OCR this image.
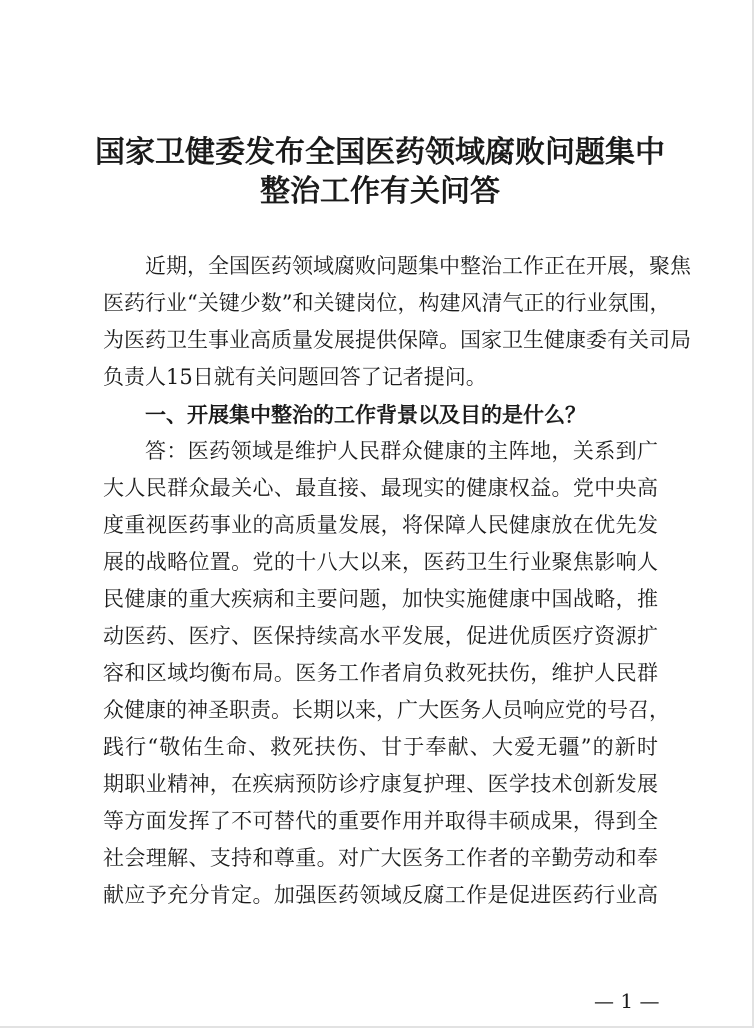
国家卫健委发布全国医药领域腐败问题集中
整治工作有关问答

近期，全国医药领域腐败问题集中整治工作正在开展，聚焦

医药行业“关键少数”和关键岗位，构建风清气正的行业氛围，

为医药卫生事业高质量发展提供保障。国家卫生健康委有关司局

负责人15日就有关问题回答了记者提问。

一、开展集中整治的工作背景以及目的是什么？

答：医药领域是维护人民群众健康的主阵地，关系到广

大人民群众最关心、最直接、最现实的健康权益。党中央高

度重视医药事业的高质量发展，将保障人民健康放在优先发

展的战略位置。党的十八大以来，医药卫生行业聚焦影响人

民健康的重大疾病和主要问题，加快实施健康中国战略，推

动医药、医疗、医保持续高水平发展，促进优质医疗资源扩

容和区域均衡布局。医务工作者肩负救死扶伤，维护人民群

众健康的神圣职责。长期以来，广大医务人员响应党的号召，

践行“敬佑生命、救死扶伤、甘于奉献、大爱无疆”的新时

期职业精神，在疾病预防诊疗康复护理、医学技术创新发展

等方面发挥了不可替代的重要作用并取得丰硕成果，得到全

社会理解、支持和尊重。对广大医务工作者的辛勤劳动和奉

献应予充分肯定。加强医药领域反腐工作是促进医药行业高

— 1 —
